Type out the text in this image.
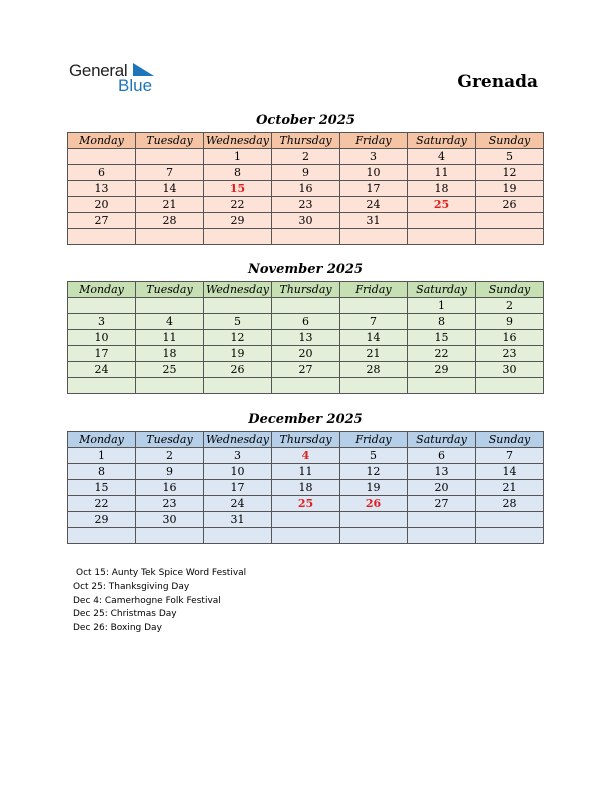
General
Blue	Grenada
October 2025
Monday	Tuesday	Wednesday	Thursday	Friday	Saturday	Sunday
		1	2	3	4	5
6	7	8	9	10	11	12
13	14	15	16	17	18	19
20	21	22	23	24	25	26
27	28	29	30	31		

November 2025
Monday	Tuesday	Wednesday	Thursday	Friday	Saturday	Sunday
					1	2
3	4	5	6	7	8	9
10	11	12	13	14	15	16
17	18	19	20	21	22	23
24	25	26	27	28	29	30

December 2025
Monday	Tuesday	Wednesday	Thursday	Friday	Saturday	Sunday
1	2	3	4	5	6	7
8	9	10	11	12	13	14
15	16	17	18	19	20	21
22	23	24	25	26	27	28
29	30	31				

Oct 15: Aunty Tek Spice Word Festival
Oct 25: Thanksgiving Day
Dec 4: Camerhogne Folk Festival
Dec 25: Christmas Day
Dec 26: Boxing Day
